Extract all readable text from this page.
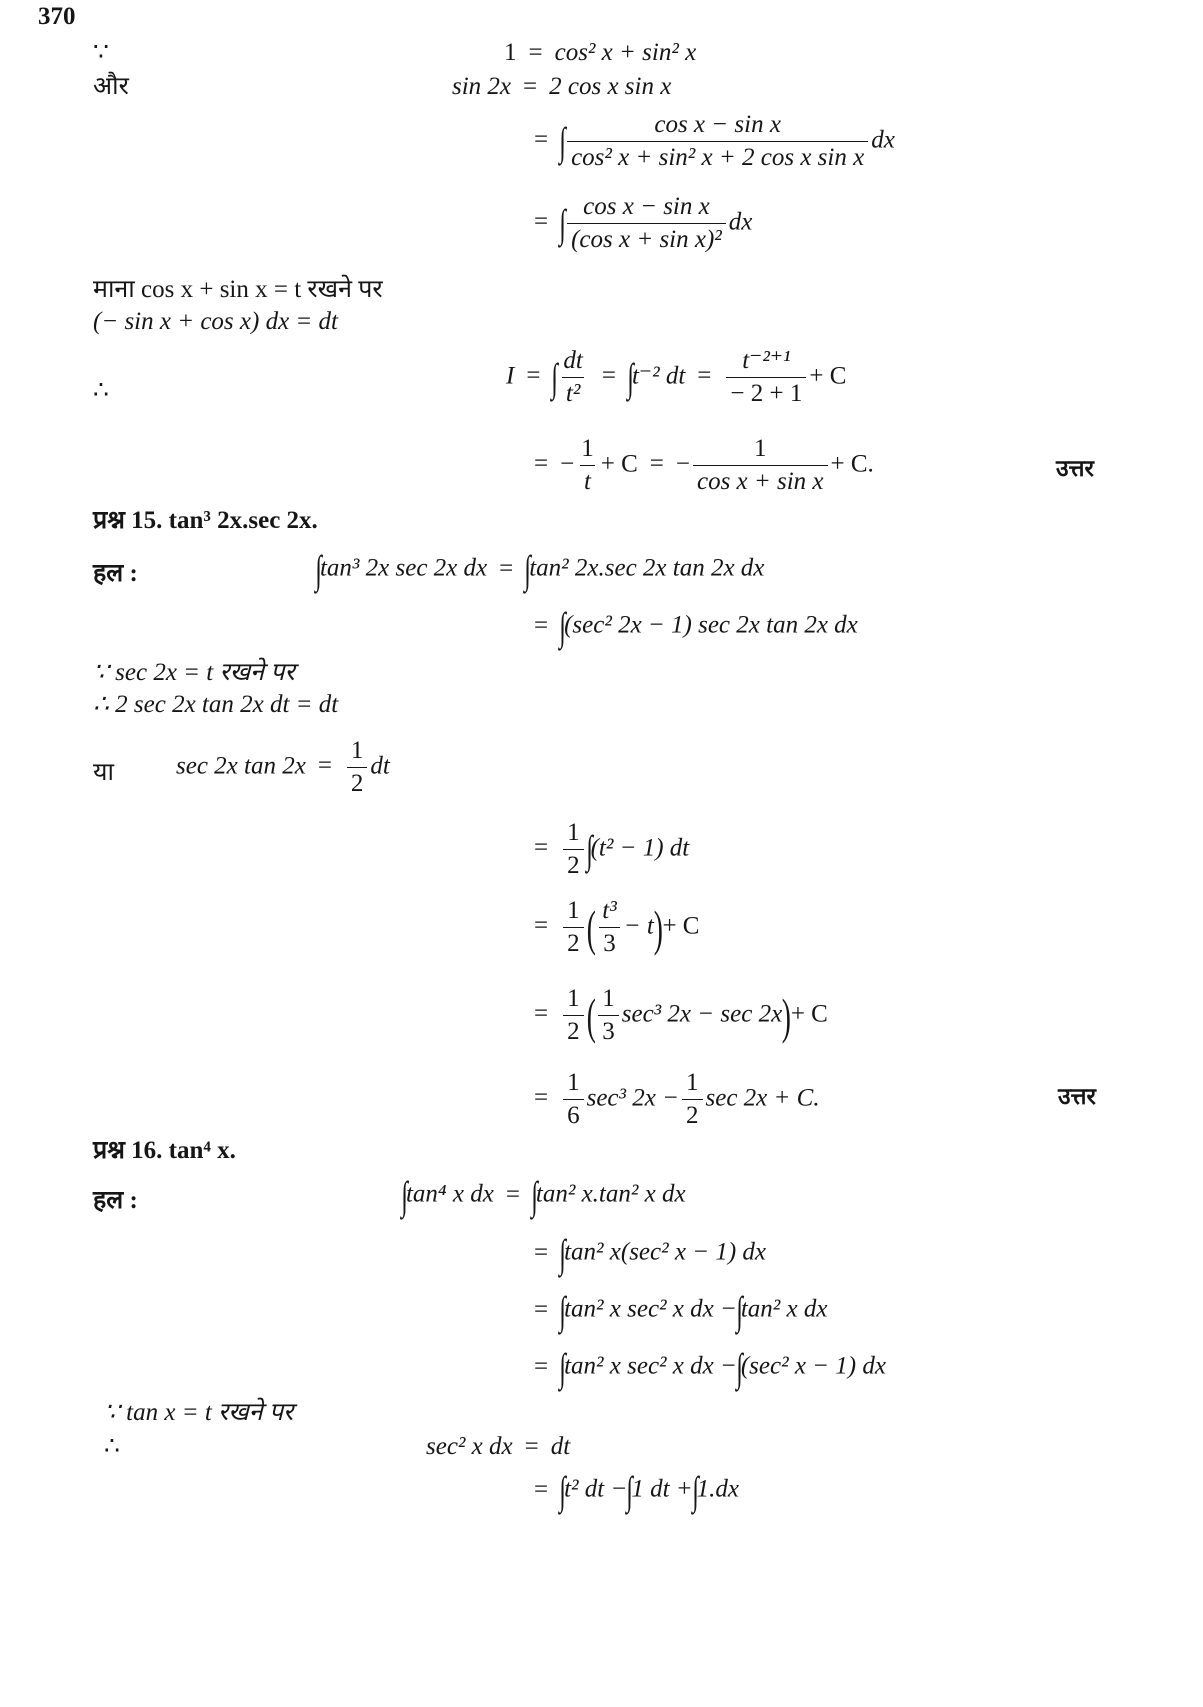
370
∵	1 = cos² x + sin² x
और	sin 2x = 2 cos x sin x
= ∫ $\frac{\text{cos x − sin x}}{\text{cos² x + sin² x + 2 cos x sin x}}$ dx
= ∫ $\frac{\text{cos x − sin x}}{\text{(cos x + sin x)²}}$ dx
माना cos x + sin x = t रखने पर
(− sin x + cos x) dx = dt
∴
I = ∫ $\frac{dt}{\text{t²}} = \int t^{-2}$ dt = $\frac{\text{t⁻²⁺¹}}{- 2 + 1} + C$
= − $\frac{1}{t} + C$ = − $\frac{1}{\text{cos x + sin x}} + C$.	उत्तर
प्रश्न 15. tan³ 2x.sec 2x.
हल :	∫tan³ 2x sec 2x dx = ∫tan² 2x.sec 2x tan 2x dx
= ∫(sec² 2x − 1) sec 2x tan 2x dx
∵ sec 2x = t रखने पर
∴ 2 sec 2x tan 2x dt = dt
या sec 2x $\tan 2x = \frac{1}{2}$ dt
= $\frac{1}{2} \int(t^2 - 1)$ dt
= $\frac{1}{2}$ ( $\frac{\text{t³}}{3} - t)+ C$
= $\frac{1}{2}$ ( $\frac{1}{3} \sec^3$ 2x − sec 2x)+ C
= $\frac{1}{6} \sec^3$ $2x - \frac{1}{2}$ sec 2x + C.	उत्तर
प्रश्न 16. tan⁴ x.
हल :	∫tan⁴ x dx = ∫tan² x.tan² x dx
= ∫tan² x(sec² x − 1) dx
= ∫tan² x sec² x dx −∫tan² x dx
= ∫tan² x sec² x dx −∫(sec² x − 1) dx
∵ tan x = t रखने पर
∴	sec² x dx = dt
= ∫t² dt −∫1 dt +∫1.dx
